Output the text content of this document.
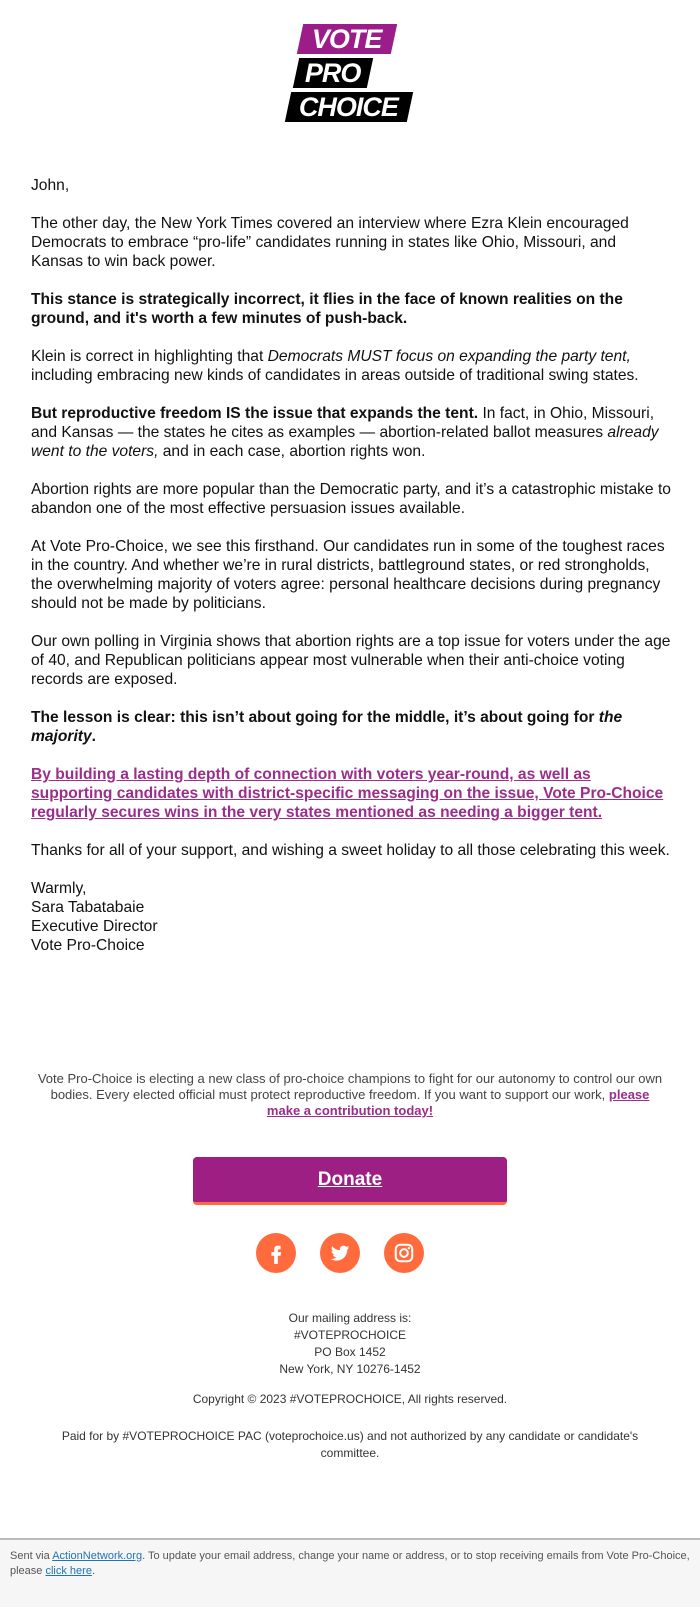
VOTE
PRO
CHOICE

John,

The other day, the New York Times covered an interview where Ezra Klein encouraged Democrats to embrace “pro-life” candidates running in states like Ohio, Missouri, and Kansas to win back power.

This stance is strategically incorrect, it flies in the face of known realities on the ground, and it's worth a few minutes of push-back.

Klein is correct in highlighting that Democrats MUST focus on expanding the party tent, including embracing new kinds of candidates in areas outside of traditional swing states.

But reproductive freedom IS the issue that expands the tent. In fact, in Ohio, Missouri, and Kansas — the states he cites as examples — abortion-related ballot measures already went to the voters, and in each case, abortion rights won.

Abortion rights are more popular than the Democratic party, and it’s a catastrophic mistake to abandon one of the most effective persuasion issues available.

At Vote Pro-Choice, we see this firsthand. Our candidates run in some of the toughest races in the country. And whether we’re in rural districts, battleground states, or red strongholds, the overwhelming majority of voters agree: personal healthcare decisions during pregnancy should not be made by politicians.

Our own polling in Virginia shows that abortion rights are a top issue for voters under the age of 40, and Republican politicians appear most vulnerable when their anti-choice voting records are exposed.

The lesson is clear: this isn’t about going for the middle, it’s about going for the majority.

By building a lasting depth of connection with voters year-round, as well as supporting candidates with district-specific messaging on the issue, Vote Pro-Choice regularly secures wins in the very states mentioned as needing a bigger tent.

Thanks for all of your support, and wishing a sweet holiday to all those celebrating this week.

Warmly,

Sara Tabatabaie

Executive Director

Vote Pro-Choice

Vote Pro-Choice is electing a new class of pro-choice champions to fight for our autonomy to control our own bodies. Every elected official must protect reproductive freedom. If you want to support our work, please make a contribution today!
Donate
Our mailing address is:
#VOTEPROCHOICE
PO Box 1452
New York, NY 10276-1452
Copyright © 2023 #VOTEPROCHOICE, All rights reserved.
Paid for by #VOTEPROCHOICE PAC (voteprochoice.us) and not authorized by any candidate or candidate's committee.
Sent via ActionNetwork.org. To update your email address, change your name or address, or to stop receiving emails from Vote Pro-Choice, please click here.
